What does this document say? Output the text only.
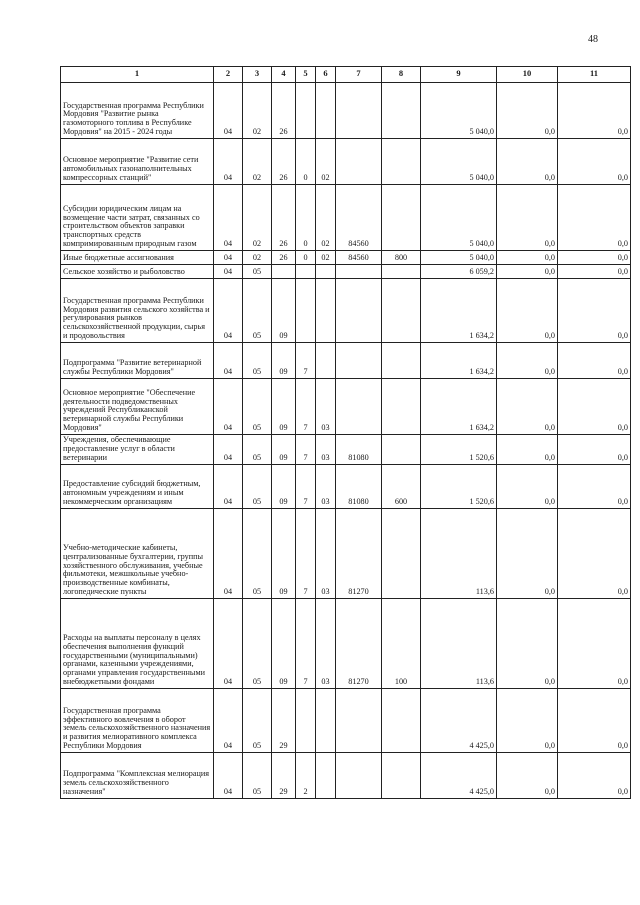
48
1	2	3	4	5	6	7	8	9	10	11
Государственная программа Республики Мордовия "Развитие рынка газомоторного топлива в Республике Мордовия" на 2015 - 2024 годы	04	02	26					5 040,0	0,0	0,0
Основное мероприятие "Развитие сети автомобильных газонаполнительных компрессорных станций"	04	02	26	0	02			5 040,0	0,0	0,0
Субсидии юридическим лицам на возмещение части затрат, связанных со строительством объектов заправки транспортных средств компримированным природным газом	04	02	26	0	02	84560		5 040,0	0,0	0,0
Иные бюджетные ассигнования	04	02	26	0	02	84560	800	5 040,0	0,0	0,0
Сельское хозяйство и рыболовство	04	05						6 059,2	0,0	0,0
Государственная программа Республики Мордовия развития сельского хозяйства и регулирования рынков сельскохозяйственной продукции, сырья и продовольствия	04	05	09					1 634,2	0,0	0,0
Подпрограмма "Развитие ветеринарной службы Республики Мордовия"	04	05	09	7				1 634,2	0,0	0,0
Основное мероприятие "Обеспечение деятельности подведомственных учреждений Республиканской ветеринарной службы Республики Мордовия"	04	05	09	7	03			1 634,2	0,0	0,0
Учреждения, обеспечивающие предоставление услуг в области ветеринарии	04	05	09	7	03	81080		1 520,6	0,0	0,0
Предоставление субсидий бюджетным, автономным учреждениям и иным некоммерческим организациям	04	05	09	7	03	81080	600	1 520,6	0,0	0,0
Учебно-методические кабинеты, централизованные бухгалтерии, группы хозяйственного обслуживания, учебные фильмотеки, межшкольные учебно-производственные комбинаты, логопедические пункты	04	05	09	7	03	81270		113,6	0,0	0,0
Расходы на выплаты персоналу в целях обеспечения выполнения функций государственными (муниципальными) органами, казенными учреждениями, органами управления государственными внебюджетными фондами	04	05	09	7	03	81270	100	113,6	0,0	0,0
Государственная программа эффективного вовлечения в оборот земель сельскохозяйственного назначения и развития мелиоративного комплекса Республики Мордовия	04	05	29					4 425,0	0,0	0,0
Подпрограмма "Комплексная мелиорация земель сельскохозяйственного назначения"	04	05	29	2				4 425,0	0,0	0,0
